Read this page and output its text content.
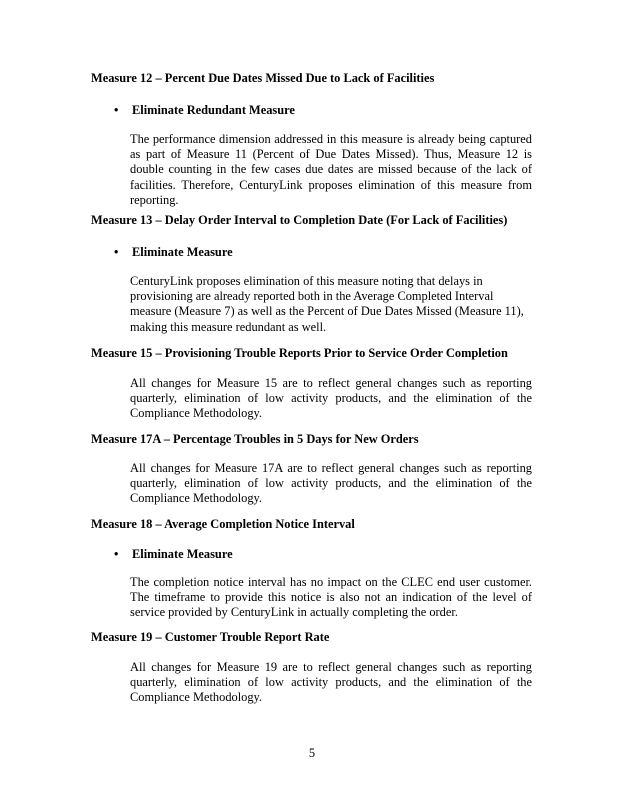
Measure 12 – Percent Due Dates Missed Due to Lack of Facilities
• Eliminate Redundant Measure
The performance dimension addressed in this measure is already being captured
as part of Measure 11 (Percent of Due Dates Missed). Thus, Measure 12 is
double counting in the few cases due dates are missed because of the lack of
facilities. Therefore, CenturyLink proposes elimination of this measure from
reporting.
Measure 13 – Delay Order Interval to Completion Date (For Lack of Facilities)
• Eliminate Measure
CenturyLink proposes elimination of this measure noting that delays in
provisioning are already reported both in the Average Completed Interval
measure (Measure 7) as well as the Percent of Due Dates Missed (Measure 11),
making this measure redundant as well.
Measure 15 – Provisioning Trouble Reports Prior to Service Order Completion
All changes for Measure 15 are to reflect general changes such as reporting
quarterly, elimination of low activity products, and the elimination of the
Compliance Methodology.
Measure 17A – Percentage Troubles in 5 Days for New Orders
All changes for Measure 17A are to reflect general changes such as reporting
quarterly, elimination of low activity products, and the elimination of the
Compliance Methodology.
Measure 18 – Average Completion Notice Interval
• Eliminate Measure
The completion notice interval has no impact on the CLEC end user customer.
The timeframe to provide this notice is also not an indication of the level of
service provided by CenturyLink in actually completing the order.
Measure 19 – Customer Trouble Report Rate
All changes for Measure 19 are to reflect general changes such as reporting
quarterly, elimination of low activity products, and the elimination of the
Compliance Methodology.
5
